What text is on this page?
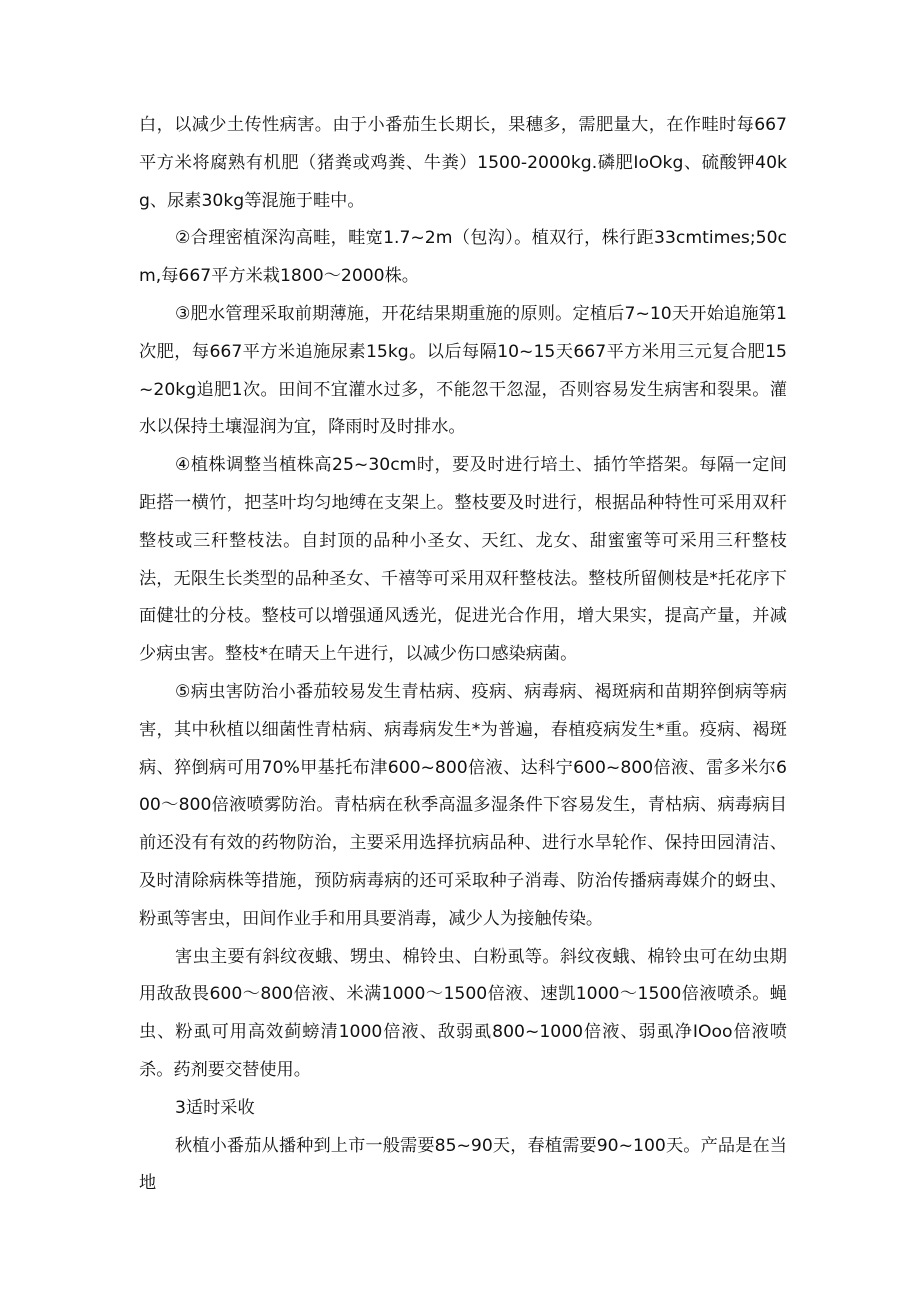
白，以减少土传性病害。由于小番茄生长期长，果穗多，需肥量大，在作畦时每667平方米将腐熟有机肥（猪粪或鸡粪、牛粪）1500-2000kg.磷肥IoOkg、硫酸钾40kg、尿素30kg等混施于畦中。

②合理密植深沟高畦，畦宽1.7~2m（包沟）。植双行，株行距33cmtimes;50cm,每667平方米栽1800～2000株。

③肥水管理采取前期薄施，开花结果期重施的原则。定植后7~10天开始追施第1次肥，每667平方米追施尿素15kg。以后每隔10~15天667平方米用三元复合肥15~20kg追肥1次。田间不宜灌水过多，不能忽干忽湿，否则容易发生病害和裂果。灌水以保持土壤湿润为宜，降雨时及时排水。

④植株调整当植株高25~30cm时，要及时进行培土、插竹竿搭架。每隔一定间距搭一横竹，把茎叶均匀地缚在支架上。整枝要及时进行，根据品种特性可采用双秆整枝或三秆整枝法。自封顶的品种小圣女、天红、龙女、甜蜜蜜等可采用三秆整枝法，无限生长类型的品种圣女、千禧等可采用双秆整枝法。整枝所留侧枝是*托花序下面健壮的分枝。整枝可以增强通风透光，促进光合作用，增大果实，提高产量，并减少病虫害。整枝*在晴天上午进行，以减少伤口感染病菌。

⑤病虫害防治小番茄较易发生青枯病、疫病、病毒病、褐斑病和苗期猝倒病等病害，其中秋植以细菌性青枯病、病毒病发生*为普遍，春植疫病发生*重。疫病、褐斑病、猝倒病可用70%甲基托布津600~800倍液、达科宁600~800倍液、雷多米尔600～800倍液喷雾防治。青枯病在秋季高温多湿条件下容易发生，青枯病、病毒病目前还没有有效的药物防治，主要采用选择抗病品种、进行水旱轮作、保持田园清洁、及时清除病株等措施，预防病毒病的还可采取种子消毒、防治传播病毒媒介的蚜虫、粉虱等害虫，田间作业手和用具要消毒，减少人为接触传染。

害虫主要有斜纹夜蛾、甥虫、棉铃虫、白粉虱等。斜纹夜蛾、棉铃虫可在幼虫期用敌敌畏600～800倍液、米满1000～1500倍液、速凯1000～1500倍液喷杀。蝇虫、粉虱可用高效蓟螃清1000倍液、敌弱虱800~1000倍液、弱虱净IOoo倍液喷杀。药剂要交替使用。

3适时采收

秋植小番茄从播种到上市一般需要85~90天，春植需要90~100天。产品是在当地
